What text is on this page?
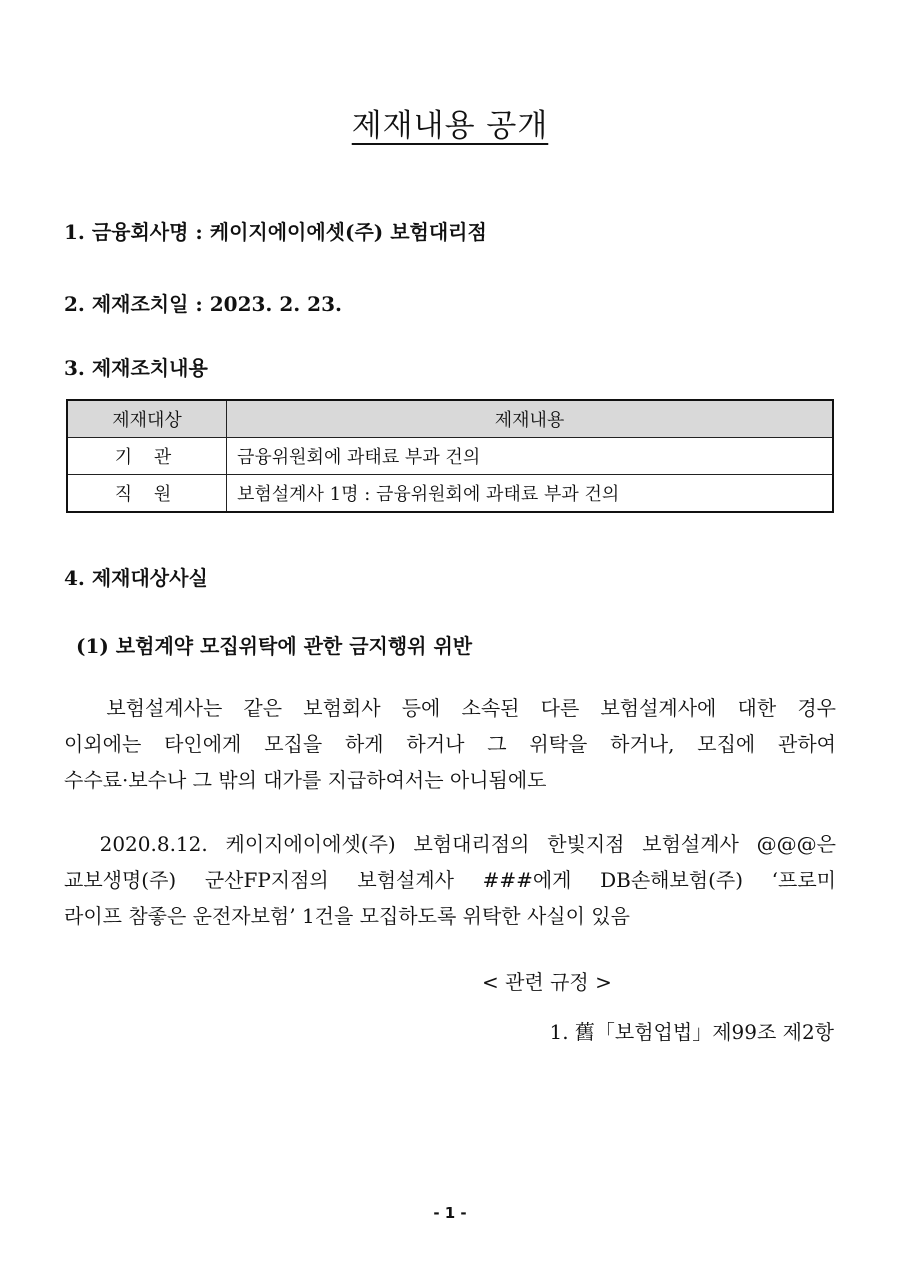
제재내용 공개
1. 금융회사명 : 케이지에이에셋(주) 보험대리점
2. 제재조치일 : 2023. 2. 23.
3. 제재조치내용
제재대상	제재내용
기 관	금융위원회에 과태료 부과 건의
직 원	보험설계사 1명 : 금융위원회에 과태료 부과 건의
4. 제재대상사실
(1) 보험계약 모집위탁에 관한 금지행위 위반
보험설계사는 같은 보험회사 등에 소속된 다른 보험설계사에 대한 경우
이외에는 타인에게 모집을 하게 하거나 그 위탁을 하거나, 모집에 관하여
수수료·보수나 그 밖의 대가를 지급하여서는 아니됨에도
2020.8.12. 케이지에이에셋(주) 보험대리점의 한빛지점 보험설계사 @@@은
교보생명(주) 군산FP지점의 보험설계사 ###에게 DB손해보험(주) ‘프로미
라이프 참좋은 운전자보험’ 1건을 모집하도록 위탁한 사실이 있음
< 관련 규정 >
1. 舊「보험업법」제99조 제2항
- 1 -
